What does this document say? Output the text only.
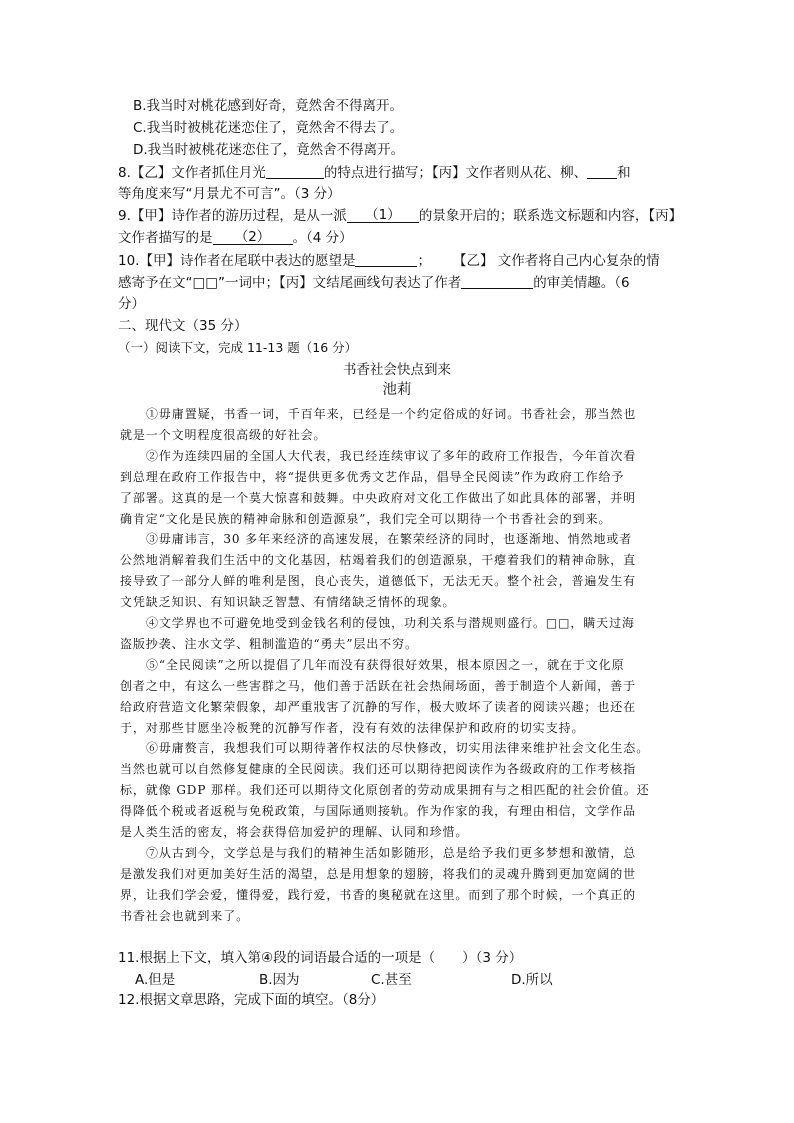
B.我当时对桃花感到好奇，竟然舍不得离开。
C.我当时被桃花迷恋住了，竟然舍不得去了。
D.我当时被桃花迷恋住了，竟然舍不得离开。
8.【乙】文作者抓住月光	的特点进行描写；【丙】文作者则从花、柳、 和
等角度来写“月景尤不可言”。（3 分）
9.【甲】诗作者的游历过程，是从一派 （1） 的景象开启的；联系选文标题和内容，【丙】
文作者描写的是 （2） 。（4 分）
10.【甲】诗作者在尾联中表达的愿望是	； 【乙】 文作者将自己内心复杂的情
感寄予在文“□□”一词中；【丙】文结尾画线句表达了作者	的审美情趣。（6
分）
二、现代文（35 分）
（一）阅读下文，完成 11-13 题（16 分）
书香社会快点到来
池莉
①毋庸置疑，书香一词，千百年来，已经是一个约定俗成的好词。书香社会，那当然也
就是一个文明程度很高级的好社会。
②作为连续四届的全国人大代表，我已经连续审议了多年的政府工作报告，今年首次看
到总理在政府工作报告中，将“提供更多优秀文艺作品，倡导全民阅读”作为政府工作给予
了部署。这真的是一个莫大惊喜和鼓舞。中央政府对文化工作做出了如此具体的部署，并明
确肯定“文化是民族的精神命脉和创造源泉”，我们完全可以期待一个书香社会的到来。
③毋庸讳言，30 多年来经济的高速发展，在繁荣经济的同时，也逐渐地、悄然地或者
公然地消解着我们生活中的文化基因，枯竭着我们的创造源泉，干瘪着我们的精神命脉，直
接导致了一部分人鲜的唯利是图，良心丧失，道德低下，无法无天。整个社会，普遍发生有
文凭缺乏知识、有知识缺乏智慧、有情绪缺乏情怀的现象。
④文学界也不可避免地受到金钱名利的侵蚀，功利关系与潜规则盛行。□□，瞒天过海
盗版抄袭、注水文学、粗制滥造的“勇夫”层出不穷。
⑤“全民阅读”之所以提倡了几年而没有获得很好效果，根本原因之一，就在于文化原
创者之中，有这么一些害群之马，他们善于活跃在社会热闹场面，善于制造个人新闻，善于
给政府营造文化繁荣假象，却严重戕害了沉静的写作，极大败坏了读者的阅读兴趣；也还在
于，对那些甘愿坐冷板凳的沉静写作者，没有有效的法律保护和政府的切实支持。
⑥毋庸赘言，我想我们可以期待著作权法的尽快修改，切实用法律来维护社会文化生态。
当然也就可以自然修复健康的全民阅读。我们还可以期待把阅读作为各级政府的工作考核指
标，就像 GDP 那样。我们还可以期待文化原创者的劳动成果拥有与之相匹配的社会价值。还
得降低个税或者返税与免税政策，与国际通则接轨。作为作家的我，有理由相信，文学作品
是人类生活的密友，将会获得倍加爱护的理解、认同和珍惜。
⑦从古到今，文学总是与我们的精神生活如影随形，总是给予我们更多梦想和激情，总
是激发我们对更加美好生活的渴望，总是用想象的翅膀，将我们的灵魂升腾到更加宽阔的世
界，让我们学会爱，懂得爱，践行爱，书香的奥秘就在这里。而到了那个时候，一个真正的
书香社会也就到来了。
11.根据上下文，填入第④段的词语最合适的一项是（　　）（3 分）
A.但是	B.因为	C.甚至	D.所以
12.根据文章思路，完成下面的填空。（8分）
